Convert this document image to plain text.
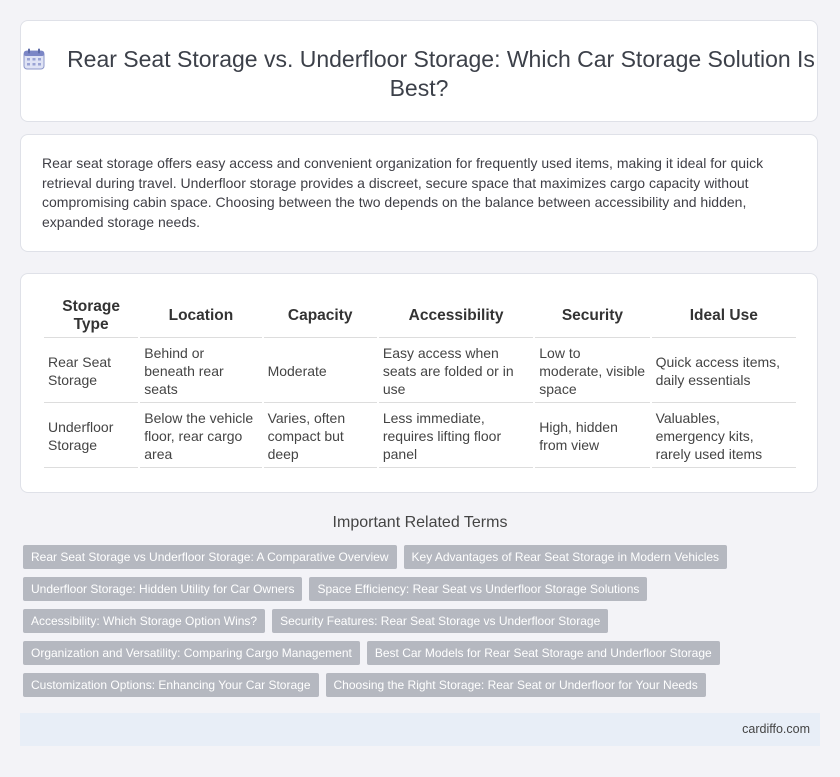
Rear Seat Storage vs. Underfloor Storage: Which Car Storage Solution Is Best?
Rear seat storage offers easy access and convenient organization for frequently used items, making it ideal for quick retrieval during travel. Underfloor storage provides a discreet, secure space that maximizes cargo capacity without compromising cabin space. Choosing between the two depends on the balance between accessibility and hidden, expanded storage needs.
Storage Type	Location	Capacity	Accessibility	Security	Ideal Use
Rear Seat Storage	Behind or beneath rear seats	Moderate	Easy access when seats are folded or in use	Low to moderate, visible space	Quick access items, daily essentials
Underfloor Storage	Below the vehicle floor, rear cargo area	Varies, often compact but deep	Less immediate, requires lifting floor panel	High, hidden from view	Valuables, emergency kits, rarely used items
Important Related Terms
Rear Seat Storage vs Underfloor Storage: A Comparative Overview Key Advantages of Rear Seat Storage in Modern Vehicles
Underfloor Storage: Hidden Utility for Car Owners Space Efficiency: Rear Seat vs Underfloor Storage Solutions
Accessibility: Which Storage Option Wins? Security Features: Rear Seat Storage vs Underfloor Storage
Organization and Versatility: Comparing Cargo Management Best Car Models for Rear Seat Storage and Underfloor Storage
Customization Options: Enhancing Your Car Storage Choosing the Right Storage: Rear Seat or Underfloor for Your Needs
cardiffo.com
